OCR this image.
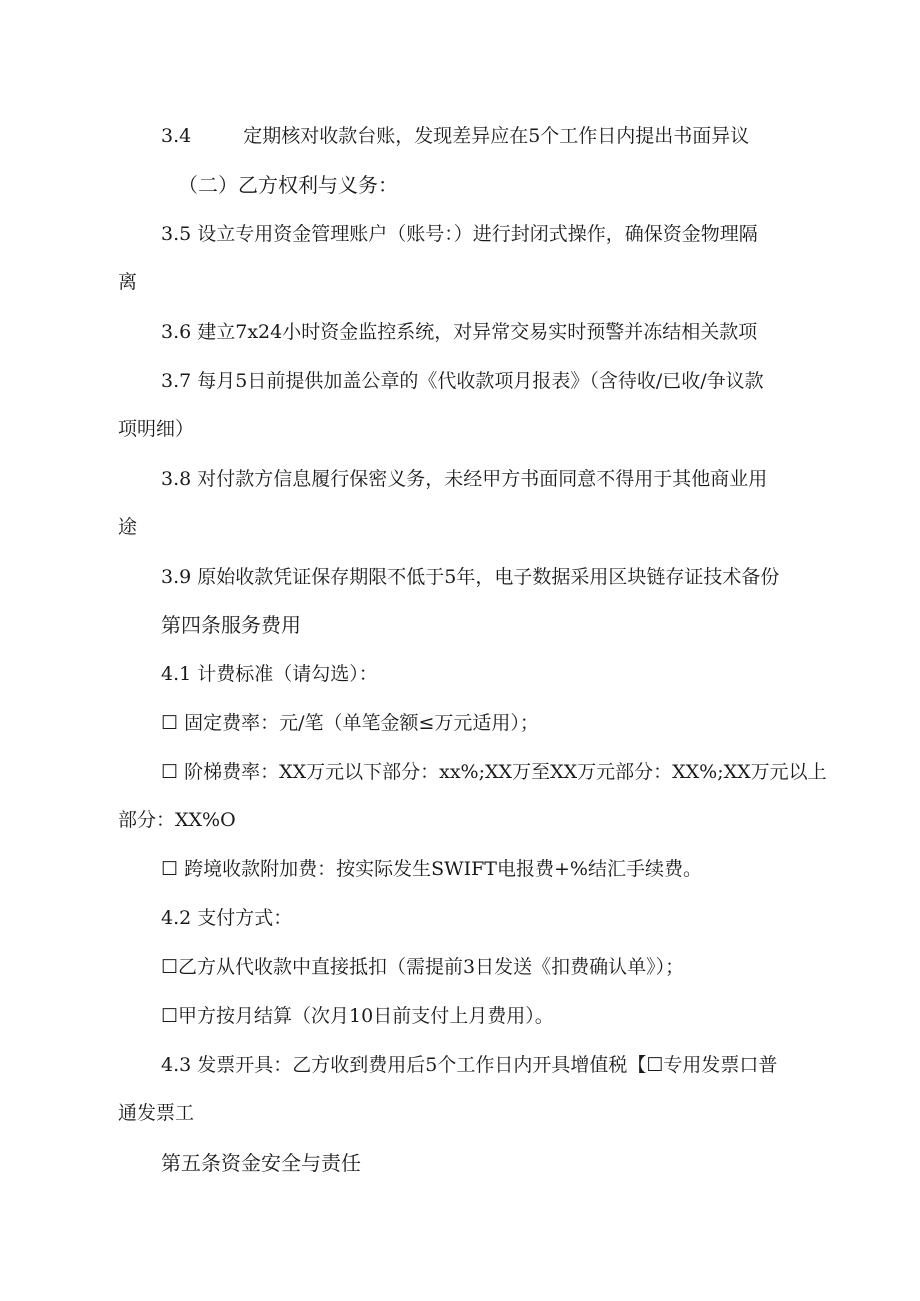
3.4	定期核对收款台账，发现差异应在5个工作日内提出书面异议
（二）乙方权利与义务：
3.5 设立专用资金管理账户（账号：）进行封闭式操作，确保资金物理隔
离
3.6 建立7x24小时资金监控系统，对异常交易实时预警并冻结相关款项
3.7 每月5日前提供加盖公章的《代收款项月报表》（含待收/已收/争议款
项明细）
3.8 对付款方信息履行保密义务，未经甲方书面同意不得用于其他商业用
途
3.9 原始收款凭证保存期限不低于5年，电子数据采用区块链存证技术备份
第四条服务费用
4.1 计费标准（请勾选）：
☐ 固定费率：元/笔（单笔金额≤万元适用）；
☐ 阶梯费率：XX万元以下部分：xx%;XX万至XX万元部分：XX%;XX万元以上
部分：XX%O
☐ 跨境收款附加费：按实际发生SWIFT电报费+%结汇手续费。
4.2 支付方式：
☐乙方从代收款中直接抵扣（需提前3日发送《扣费确认单》）；
☐甲方按月结算（次月10日前支付上月费用）。
4.3 发票开具：乙方收到费用后5个工作日内开具增值税【☐专用发票口普
通发票工
第五条资金安全与责任
